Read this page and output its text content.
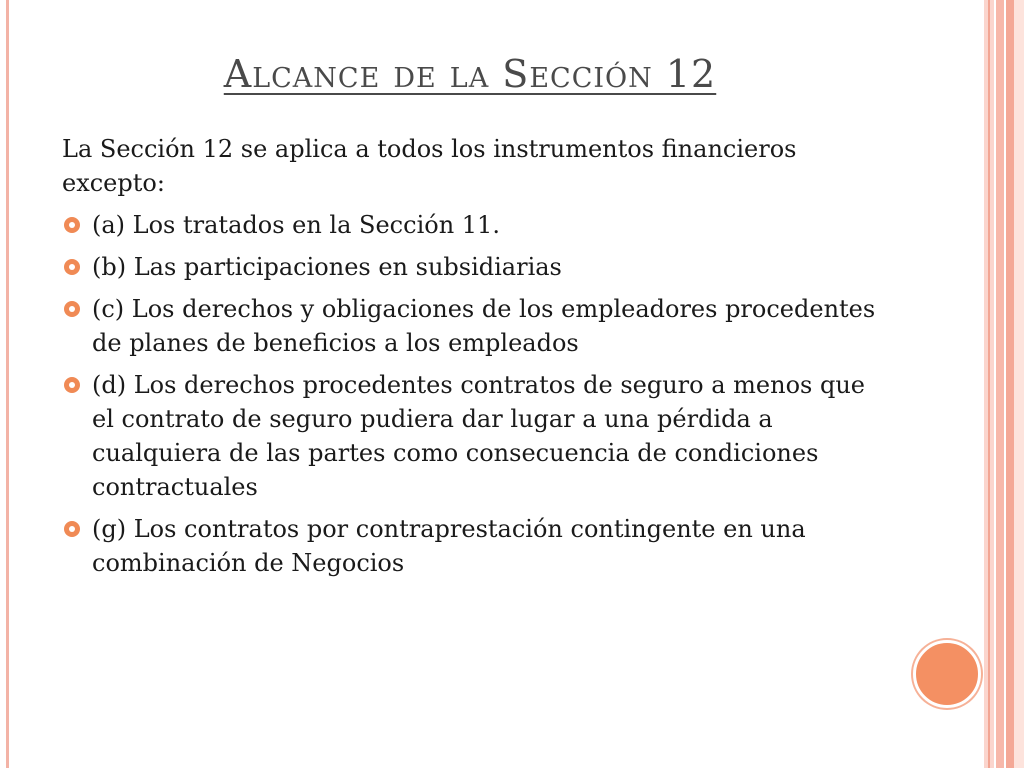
Alcance de la Sección 12

La Sección 12 se aplica a todos los instrumentos financieros excepto:

(a) Los tratados en la Sección 11.
(b) Las participaciones en subsidiarias
(c) Los derechos y obligaciones de los empleadores procedentes de planes de beneficios a los empleados
(d) Los derechos procedentes contratos de seguro a menos que el contrato de seguro pudiera dar lugar a una pérdida a cualquiera de las partes como consecuencia de condiciones contractuales
(g) Los contratos por contraprestación contingente en una combinación de Negocios
